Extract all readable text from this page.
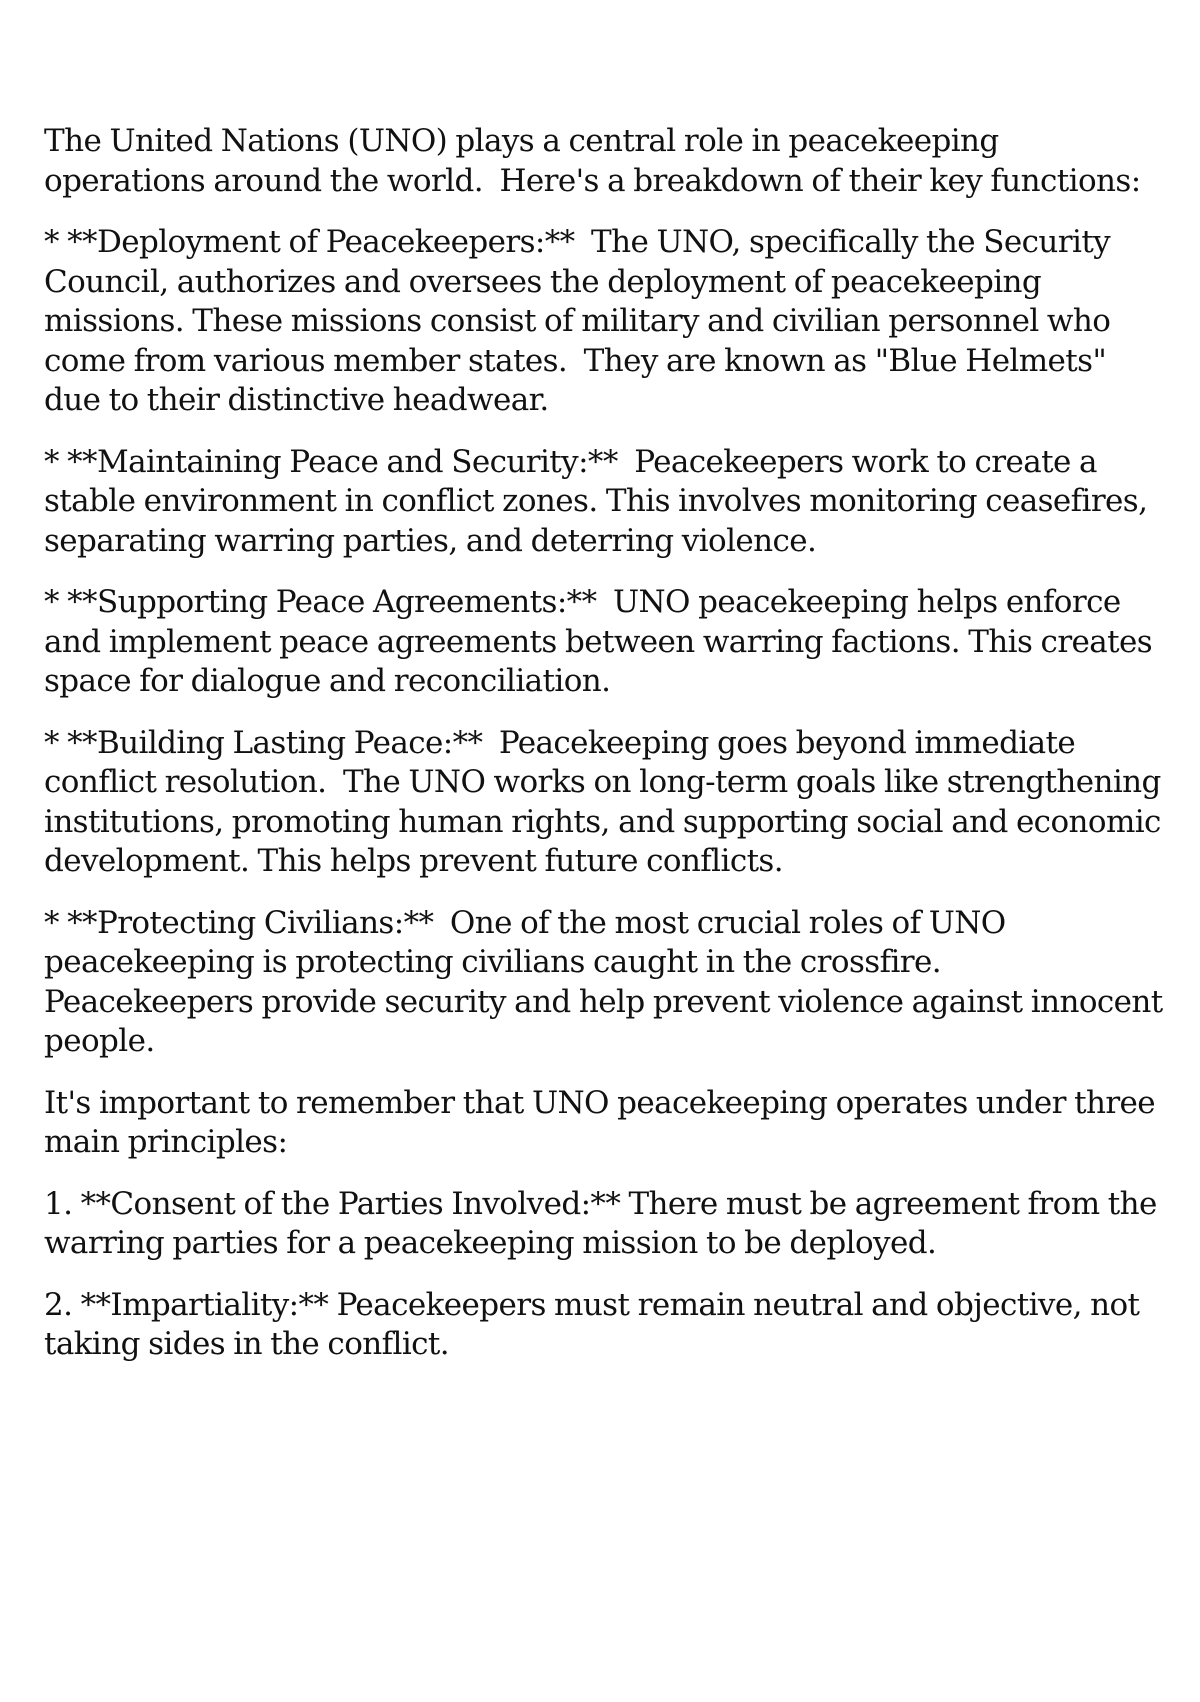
The United Nations (UNO) plays a central role in peacekeeping operations around the world.  Here's a breakdown of their key functions:

* **Deployment of Peacekeepers:**  The UNO, specifically the Security Council, authorizes and oversees the deployment of peacekeeping missions. These missions consist of military and civilian personnel who come from various member states.  They are known as "Blue Helmets" due to their distinctive headwear.

* **Maintaining Peace and Security:**  Peacekeepers work to create a stable environment in conflict zones. This involves monitoring ceasefires, separating warring parties, and deterring violence.

* **Supporting Peace Agreements:**  UNO peacekeeping helps enforce and implement peace agreements between warring factions. This creates space for dialogue and reconciliation.

* **Building Lasting Peace:**  Peacekeeping goes beyond immediate conflict resolution.  The UNO works on long-term goals like strengthening institutions, promoting human rights, and supporting social and economic development. This helps prevent future conflicts.

* **Protecting Civilians:**  One of the most crucial roles of UNO peacekeeping is protecting civilians caught in the crossfire.  Peacekeepers provide security and help prevent violence against innocent people.

It's important to remember that UNO peacekeeping operates under three main principles:

1. **Consent of the Parties Involved:** There must be agreement from the warring parties for a peacekeeping mission to be deployed.

2. **Impartiality:** Peacekeepers must remain neutral and objective, not taking sides in the conflict.
